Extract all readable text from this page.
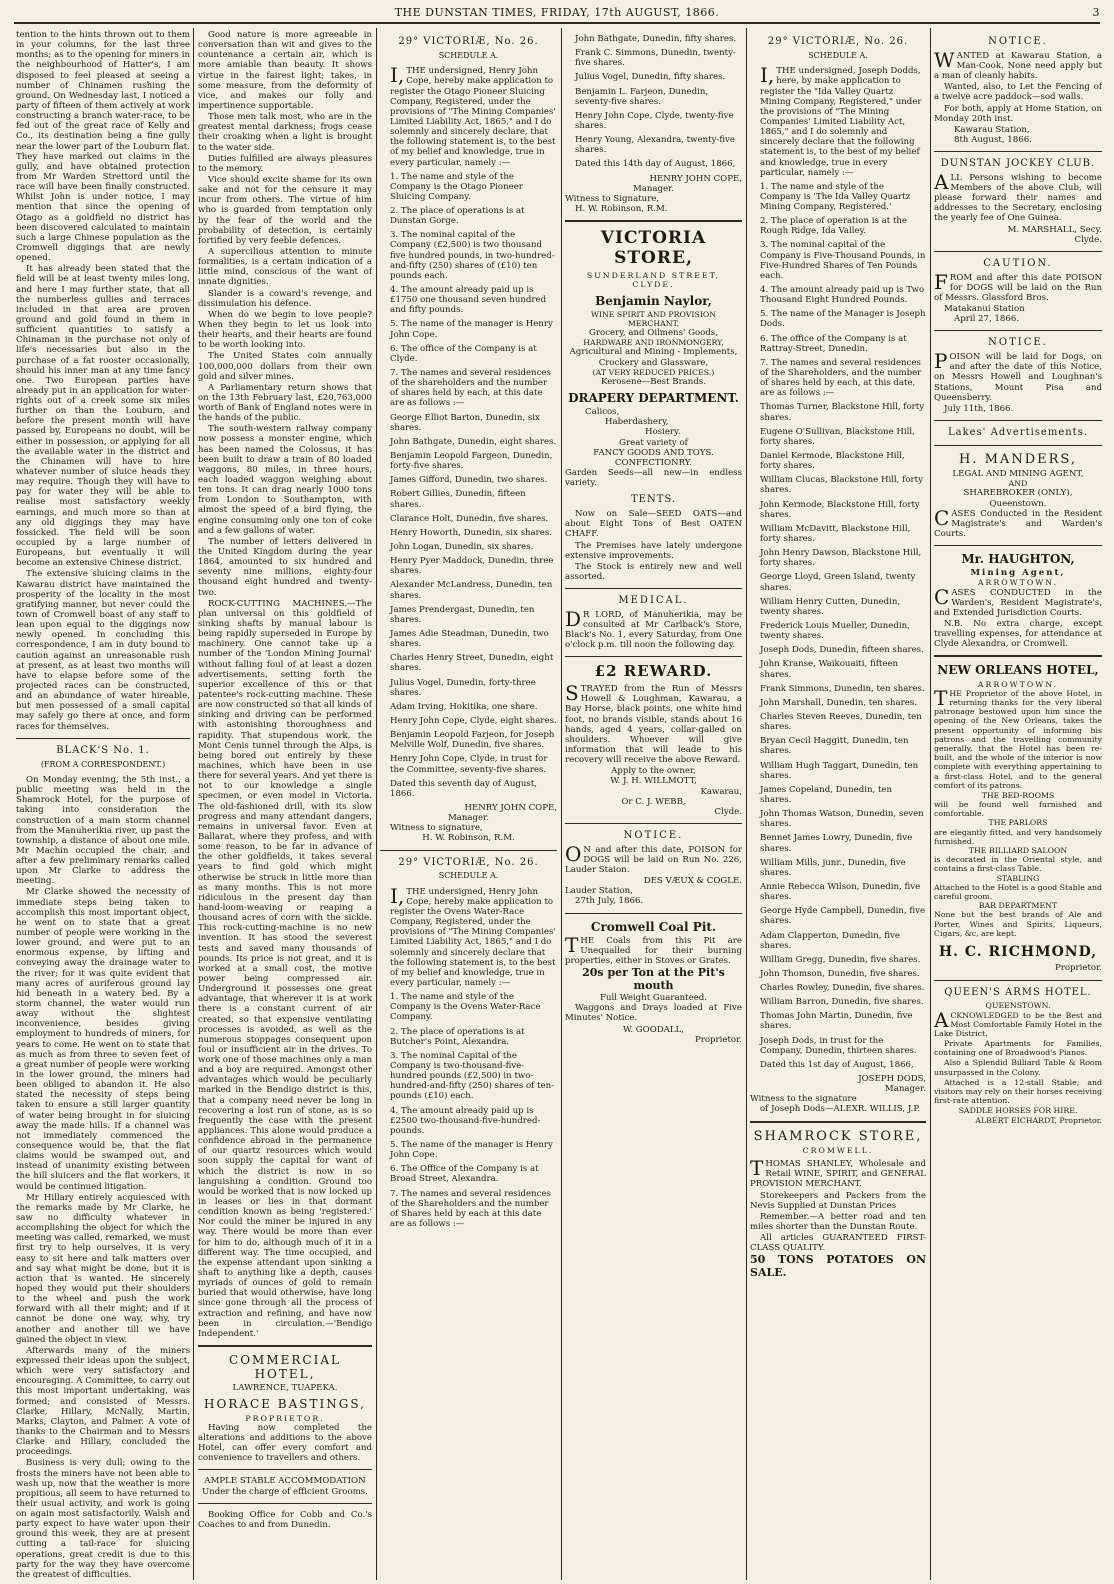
THE DUNSTAN TIMES, FRIDAY, 17th AUGUST, 1866.	3

tention to the hints thrown out to them in your columns, for the last three months; as to the opening for miners in the neighbourhood of Hatter's, I am disposed to feel pleased at seeing a number of Chinamen rushing the ground. On Wednesday last, I noticed a party of fifteen of them actively at work constructing a branch water-race, to be fed out of the great race of Kelly and Co., its destination being a fine gully near the lower part of the Louburn flat. They have marked out claims in the gully, and have obtained protection from Mr Warden Strettord until the race will have been finally constructed. Whilst John is under notice, I may mention that since the opening of Otago as a goldfield no district has been discovered calculated to maintain such a large Chinese population as the Cromwell diggings that are newly opened.

It has already been stated that the field will be at least twenty miles long, and here I may further state, that all the numberless gullies and terraces included in that area are proven ground and gold found in them in sufficient quantities to satisfy a Chinaman in the purchase not only of life's necessaries but also in the purchase of a fat rooster occasionally, should his inner man at any time fancy one. Two European parties have already put in an application for water-rights out of a creek some six miles further on than the Louburn, and before the present month will have passed by, Europeans no doubt, will be either in possession, or applying for all the available water in the district and the Chinamen will have to hire whatever number of sluice heads they may require. Though they will have to pay for water they will be able to realise most satisfactory weekly earnings, and much more so than at any old diggings they may have fossicked. The field will be soon occupied by a large number of Europeans, but eventually it will become an extensive Chinese district.

The extensive sluicing claims in the Kawarau district have maintained the prosperity of the locality in the most gratifying manner, but never could the town of Cromwell boast of any staff to lean upon equal to the diggings now newly opened. In concluding this correspondence, I am in duty bound to caution against an unreasonable rush at present, as at least two months will have to elapse before some of the projected races can be constructed, and an abundance of water hireable, but men possessed of a small capital may safely go there at once, and form races for themselves.

BLACK'S No. 1.
(FROM A CORRESPONDENT.)

On Monday evening, the 5th inst., a public meeting was held in the Shamrock Hotel, for the purpose of taking into consideration the construction of a main storm channel from the Manuherikia river, up past the township, a distance of about one mile. Mr Machin occupied the chair, and after a few preliminary remarks called upon Mr Clarke to address the meeting.

Mr Clarke showed the necessity of immediate steps being taken to accomplish this most important object, he went on to state that a great number of people were working in the lower ground, and were put to an enormous expense, by lifting and conveying away the drainage water to the river; for it was quite evident that many acres of auriferous ground lay hid beneath in a watery bed. By a storm channel, the water would run away without the slightest inconvenience, besides giving employment to hundreds of miners, for years to come. He went on to state that as much as from three to seven feet of a great number of people were working in the lower ground, the miners had been obliged to abandon it. He also stated the necessity of steps being taken to ensure a still larger quantity of water being brought in for sluicing away the made hills. If a channel was not immediately commenced the consequence would be, that the flat claims would be swamped out, and instead of unanimity existing between the hill sluicers and the flat workers, it would be continued litigation.

Mr Hillary entirely acquiesced with the remarks made by Mr Clarke, he saw no difficulty whatever in accomplishing the object for which the meeting was called, remarked, we must first try to help ourselves, it is very easy to sit here and talk matters over and say what might be done, but it is action that is wanted. He sincerely hoped they would put their shoulders to the wheel and push the work forward with all their might; and if it cannot be done one way, why, try another and another till we have gained the object in view.

Afterwards many of the miners expressed their ideas upon the subject, which were very satisfactory and encouraging. A Committee, to carry out this most important undertaking, was formed; and consisted of Messrs. Clarke, Hillary, McNally, Martin, Marks, Clayton, and Palmer. A vote of thanks to the Chairman and to Messrs Clarke and Hillary, concluded the proceedings.

Business is very dull; owing to the frosts the miners have not been able to wash up, now that the weather is more propitious, all seem to have returned to their usual activity, and work is going on again most satisfactorily. Walsh and party expect to have water upon their ground this week, they are at present cutting a tail-race for sluicing operations, great credit is due to this party for the way they have overcome the greatest of difficulties.

Good nature is more agreeable in conversation than wit and gives to the countenance a certain air, which is more amiable than beauty. It shows virtue in the fairest light; takes, in some measure, from the deformity of vice, and makes our folly and impertinence supportable.

Those men talk most, who are in the greatest mental darkness; frogs cease their croaking when a light is brought to the water side.

Duties fulfilled are always pleasures to the memory.

Vice should excite shame for its own sake and not for the censure it may incur from others. The virtue of him who is guarded from temptation only by the fear of the world and the probability of detection, is certainly fortified by very feeble defences.

A supercilious attention to minute formalities, is a certain indication of a little mind, conscious of the want of innate dignities.

Slander is a coward's revenge, and dissimulation his defence.

When do we begin to love people? When they begin to let us look into their hearts, and their hearts are found to be worth looking into.

The United States coin annually 100,000,000 dollars from their own gold and silver mines.

A Parliamentary return shows that on the 13th February last, £20,763,000 worth of Bank of England notes were in the hands of the public.

The south-western railway company now possess a monster engine, which has been named the Colossus, it has been built to draw a train of 80 loaded waggons, 80 miles, in three hours, each loaded waggon weighing about ten tons. It can drag nearly 1000 tons from London to Southampton, with almost the speed of a bird flying, the engine consuming only one ton of coke and a few gallons of water.

The number of letters delivered in the United Kingdom during the year 1864, amounted to six hundred and seventy nine millions, eighty-four thousand eight hundred and twenty-two.

ROCK-CUTTING MACHINES.—The plan universal on this goldfield of sinking shafts by manual labour is being rapidly superseded in Europe by machinery. One cannot take up a number of the 'London Mining Journal' without falling foul of at least a dozen advertisements, setting forth the superior excellence of this or that patentee's rock-cutting machine. These are now constructed so that all kinds of sinking and driving can be performed with astonishing thoroughness and rapidity. That stupendous work, the Mont Cenis tunnel through the Alps, is being bored out entirely by these machines, which have been in use there for several years. And yet there is not to our knowledge a single specimen, or even model in Victoria. The old-fashioned drill, with its slow progress and many attendant dangers, remains in universal favor. Even at Ballarat, where they profess, and with some reason, to be far in advance of the other goldfields, it takes several years to find gold which might otherwise be struck in little more than as many months. This is not more ridiculous in the present day than hand-loom-weaving or reaping a thousand acres of corn with the sickle. This rock-cutting-machine is no new invention. It has stood the severest tests and saved many thousands of pounds. Its price is not great, and it is worked at a small cost, the motive power being compressed air. Underground it possesses one great advantage, that wherever it is at work there is a constant current of air created, so that expensive ventilating processes is avoided, as well as the numerous stoppages consequent upon foul or insufficient air in the drives. To work one of those machines only a man and a boy are required. Amongst other advantages which would be peculiarly marked in the Bendigo district is this, that a company need never be long in recovering a lost run of stone, as is so frequently the case with the present appliances. This alone would produce a confidence abroad in the permanence of our quartz resources which would soon supply the capital for want of which the district is now in so languishing a condition. Ground too would be worked that is now locked up in leases or lies in that dormant condition known as being 'registered.' Nor could the miner be injured in any way. There would be more than ever for him to do, although much of it in a different way. The time occupied, and the expense attendant upon sinking a shaft to anything like a depth, causes myriads of ounces of gold to remain buried that would otherwise, have long since gone through all the process of extraction and refining, and have now been in circulation.—'Bendigo Independent.'

COMMERCIAL HOTEL,
LAWRENCE, TUAPEKA.
HORACE BASTINGS,
PROPRIETOR.

Having now completed the alterations and additions to the above Hotel, can offer every comfort and convenience to travellers and others.

AMPLE STABLE ACCOMMODATION
Under the charge of efficient Grooms.

Booking Office for Cobb and Co.'s Coaches to and from Dunedin.

29° VICTORIÆ, No. 26.
SCHEDULE A.

I,THE undersigned, Henry John Cope, hereby make application to register the Otago Pioneer Sluicing Company, Registered, under the provisions of "The Mining Companies' Limited Liability Act, 1865," and I do solemnly and sincerely declare, that the following statement is, to the best of my belief and knowledge, true in every particular, namely :—

1. The name and style of the Company is the Otago Pioneer Sluicing Company.

2. The place of operations is at Dunstan Gorge.

3. The nominal capital of the Company (£2,500) is two thousand five hundred pounds, in two-hundred-and-fifty (250) shares of (£10) ten pounds each.

4. The amount already paid up is £1750 one thousand seven hundred and fifty pounds.

5. The name of the manager is Henry John Cope.

6. The office of the Company is at Clyde.

7. The names and several residences of the shareholders and the number of shares held by each, at this date are as follows :—

George Elliot Barton, Dunedin, six shares.

John Bathgate, Dunedin, eight shares.

Benjamin Leopold Fargeon, Dunedin, forty-five shares.

James Gifford, Dunedin, two shares.

Robert Gillies, Dunedin, fifteen shares.

Clarance Holt, Dunedin, five shares.

Henry Howorth, Dunedin, six shares.

John Logan, Dunedin, six shares.

Henry Pyer Maddock, Dunedin, three shares.

Alexander McLandress, Dunedin, ten shares.

James Prendergast, Dunedin, ten shares.

James Adie Steadman, Dunedin, two shares.

Charles Henry Street, Dunedin, eight shares.

Julius Vogel, Dunedin, forty-three shares.

Adam Irving, Hokitika, one share.

Henry John Cope, Clyde, eight shares.

Benjamin Leopold Farjeon, for Joseph Melville Wolf, Dunedin, five shares.

Henry John Cope, Clyde, in trust for the Committee, seventy-five shares.

Dated this seventh day of August, 1866.

HENRY JOHN COPE,
Manager.
Witness to signature,
H. W. Robinson, R.M.
29° VICTORIÆ, No. 26.
SCHEDULE A.

I,THE undersigned, Henry John Cope, hereby make application to register the Ovens Water-Race Company, Registered, under the provisions of "The Mining Companies' Limited Liability Act, 1865," and I do solemnly and sincerely declare that the following statement is, to the best of my belief and knowledge, true in every particular, namely :—

1. The name and style of the Company is the Ovens Water-Race Company.

2. The place of operations is at Butcher's Point, Alexandra.

3. The nominal Capital of the Company is two-thousand-five-hundred pounds (£2,500) in two-hundred-and-fifty (250) shares of ten-pounds (£10) each.

4. The amount already paid up is £2500 two-thousand-five-hundred-pounds.

5. The name of the manager is Henry John Cope.

6. The Office of the Company is at Broad Street, Alexandra.

7. The names and several residences of the Shareholders and the number of Shares held by each at this date are as follows :—

John Bathgate, Dunedin, fifty shares.

Frank C. Simmons, Dunedin, twenty-five shares.

Julius Vogel, Dunedin, fifty shares.

Benjamin L. Farjeon, Dunedin, seventy-five shares.

Henry John Cope, Clyde, twenty-five shares.

Henry Young, Alexandra, twenty-five shares.

Dated this 14th day of August, 1866,

HENRY JOHN COPE,
Manager.
Witness to Signature,
H. W. Robinson, R.M.
VICTORIA STORE,
SUNDERLAND STREET, CLYDE.
Benjamin Naylor,
WINE SPIRIT AND PROVISION MERCHANT,
Grocery, and Oilmens' Goods,
HARDWARE AND IRONMONGERY,
Agricultural and Mining - Implements,
Crockery and Glassware,
(AT VERY REDUCED PRICES.)
Kerosene—Best Brands.
DRAPERY DEPARTMENT.
Calicos,
Haberdashery,
Hosiery.
Great variety of
FANCY GOODS AND TOYS.
CONFECTIONRY.
Garden Seeds—all new—in endless variety.
TENTS.

Now on Sale—SEED OATS—and about Eight Tons of Best OATEN CHAFF.

The Premises have lately undergone extensive improvements.

The Stock is entirely new and well assorted.

MEDICAL.

DR LORD, of Manuherikia, may be consulted at Mr Carlback's Store, Black's No. 1, every Saturday, from One o'clock p.m. till noon the following day.

£2 REWARD.

STRAYED from the Run of Messrs Howell & Loughman, Kawarau, a Bay Horse, black points, one white hind foot, no brands visible, stands about 16 hands, aged 4 years, collar-galled on shoulders. Whoever will give information that will leade to his recovery will receive the above Reward.

Apply to the owner,
W. J. H. WILLMOTT,
Kawarau,
Or C. J. WEBB,
Clyde.
NOTICE.

ON and after this date, POISON for DOGS will be laid on Run No. 226, Lauder Staion.

DES VÆUX & COGLE.
Lauder Station,
27th July, 1866.
Cromwell Coal Pit.

THE Coals from this Pit are Unequalled for their burning properties, either in Stoves or Grates.

20s per Ton at the Pit's mouth
Full Weight Guaranteed.

Waggons and Drays loaded at Five Minutes' Notice.

W. GOODALL,
Proprietor.
29° VICTORIÆ, No. 26.
SCHEDULE A.

I,THE undersigned, Joseph Dodds, here, by make application to register the "Ida Valley Quartz Mining Company, Registered," under the provisions of "The Mining Companies' Limited Liability Act, 1865," and I do solemnly and sincerely declare that the following statement is, to the best of my belief and knowledge, true in every particular, namely :—

1. The name and style of the Company is 'The Ida Valley Quartz Mining Company, Registered.'

2. The place of operation is at the Rough Ridge, Ida Valley.

3. The nominal capital of the Company is Five-Thousand Pounds, in Five-Hundred Shares of Ten Pounds each.

4. The amount already paid up is Two Thousand Eight Hundred Pounds.

5. The name of the Manager is Joseph Dods.

6. The office of the Company is at Rattray-Street, Dunedin.

7. The names and several residences of the Shareholders, and the number of shares held by each, at this date, are as follows :—

Thomas Turner, Blackstone Hill, forty shares.

Eugene O'Sullivan, Blackstone Hill, forty shares.

Daniel Kermode, Blackstone Hill, forty shares.

William Clucas, Blackstone Hill, forty shares.

John Kermode, Blackstone Hill, forty shares.

William McDavitt, Blackstone Hill, forty shares.

John Henry Dawson, Blackstone Hill, forty shares.

George Lloyd, Green Island, twenty shares.

William Henry Cutten, Dunedin, twenty shares.

Frederick Louis Mueller, Dunedin, twenty shares.

Joseph Dods, Dunedin, fifteen shares.

John Kranse, Waikouaiti, fifteen shares.

Frank Simmons, Dunedin, ten shares.

John Marshall, Dunedin, ten shares.

Charles Steven Reeves, Dunedin, ten shares.

Bryan Cecil Haggitt, Dunedin, ten shares.

William Hugh Taggart, Dunedin, ten shares.

James Copeland, Dunedin, ten shares.

John Thomas Watson, Dunedin, seven shares.

Bennet James Lowry, Dunedin, five shares.

William Mills, junr., Dunedin, five shares.

Annie Rebecca Wilson, Dunedin, five shares.

George Hyde Campbell, Dunedin, five shares.

Adam Clapperton, Dunedin, five shares.

William Gregg, Dunedin, five shares.

John Thomson, Dunedin, five shares.

Charles Rowley, Dunedin, five shares.

William Barron, Dunedin, five shares.

Thomas John Martin, Dunedin, five shares.

Joseph Dods, in trust for the Company, Dunedin, thirteen shares.

Dated this 1st day of August, 1866,

JOSEPH DODS,
Manager.
Witness to the signature
of Joseph Dods—ALEXR. WILLIS, J.P.
SHAMROCK STORE,
CROMWELL.

THOMAS SHANLEY, Wholesale and Retail WINE, SPIRIT, and GENERAL PROVISION MERCHANT.

Storekeepers and Packers from the Nevis Supplied at Dunstan Prices

Remember.—A better road and ten miles shorter than the Dunstan Route.

All articles GUARANTEED FIRST-CLASS QUALITY.

50 TONS POTATOES ON SALE.
NOTICE.

WANTED at Kawarau Station, a Man-Cook. None need apply but a man of cleanly habits.

Wanted, also, to Let the Fencing of a twelve acre paddock—sod walls.

For both, apply at Home Station, on Monday 20th inst.

Kawarau Station,
8th August, 1866.
DUNSTAN JOCKEY CLUB.

ALL Persons wishing to become Members of the above Club, will please forward their names and addresses to the Secretary, enclosing the yearly fee of One Guinea.

M. MARSHALL, Secy.
Clyde.
CAUTION.

FROM and after this date POISON for DOGS will be laid on the Run of Messrs. Glassford Bros.

Matakanui Station
April 27, 1866.
NOTICE.

POISON will be laid for Dogs, on and after the date of this Notice, on Messrs Howell and Loughnan's Stations, Mount Pisa and Queensberry.

July 11th, 1866.
Lakes' Advertisements.
H. MANDERS,
LEGAL AND MINING AGENT,
AND
SHAREBROKER (ONLY),
Queenstown.

CASES Conducted in the Resident Magistrate's and Warden's Courts.

Mr. HAUGHTON,
Mining Agent,
ARROWTOWN.

CASES CONDUCTED in the Warden's, Resident Magistrate's, and Extended Jurisdiction Courts.

N.B. No extra charge, except travelling expenses, for attendance at Clyde Alexandra, or Cromwell.

NEW ORLEANS HOTEL,
ARROWTOWN.

THE Proprietor of the above Hotel, in returning thanks for the very liberal patronage bestowed upon him since the opening of the New Orleans, takes the present opportunity of informing his patrons and the travelling community generally, that the Hotel has been re-built, and the whole of the interior is now complete with everything appertaining to a first-class Hotel, and to the general comfort of its patrons.

THE BED-ROOMS
will be found well furnished and comfortable.
THE PARLORS
are elegantly fitted, and very handsomely furnished.
THE BILLIARD SALOON
is decorated in the Oriental style, and contains a first-class Table.
STABLING
Attached to the Hotel is a good Stable and careful groom.
BAR DEPARTMENT
None but the best brands of Ale and Porter, Wines and Spirits, Liqueurs, Cigars, &c, are kept.
H. C. RICHMOND,
Proprietor.
QUEEN'S ARMS HOTEL.
QUEENSTOWN.

ACKNOWLEDGED to be the Best and Most Comfortable Family Hotel in the Lake District.

Private Apartments for Families, containing one of Broadwood's Pianos.

Also a Splendid Billiard Table & Room unsurpassed in the Colony.

Attached is a 12-stall Stable; and visitors may rely on their horses receiving first-rate attention.

SADDLE HORSES FOR HIRE.
ALBERT EICHARDT, Proprietor.
